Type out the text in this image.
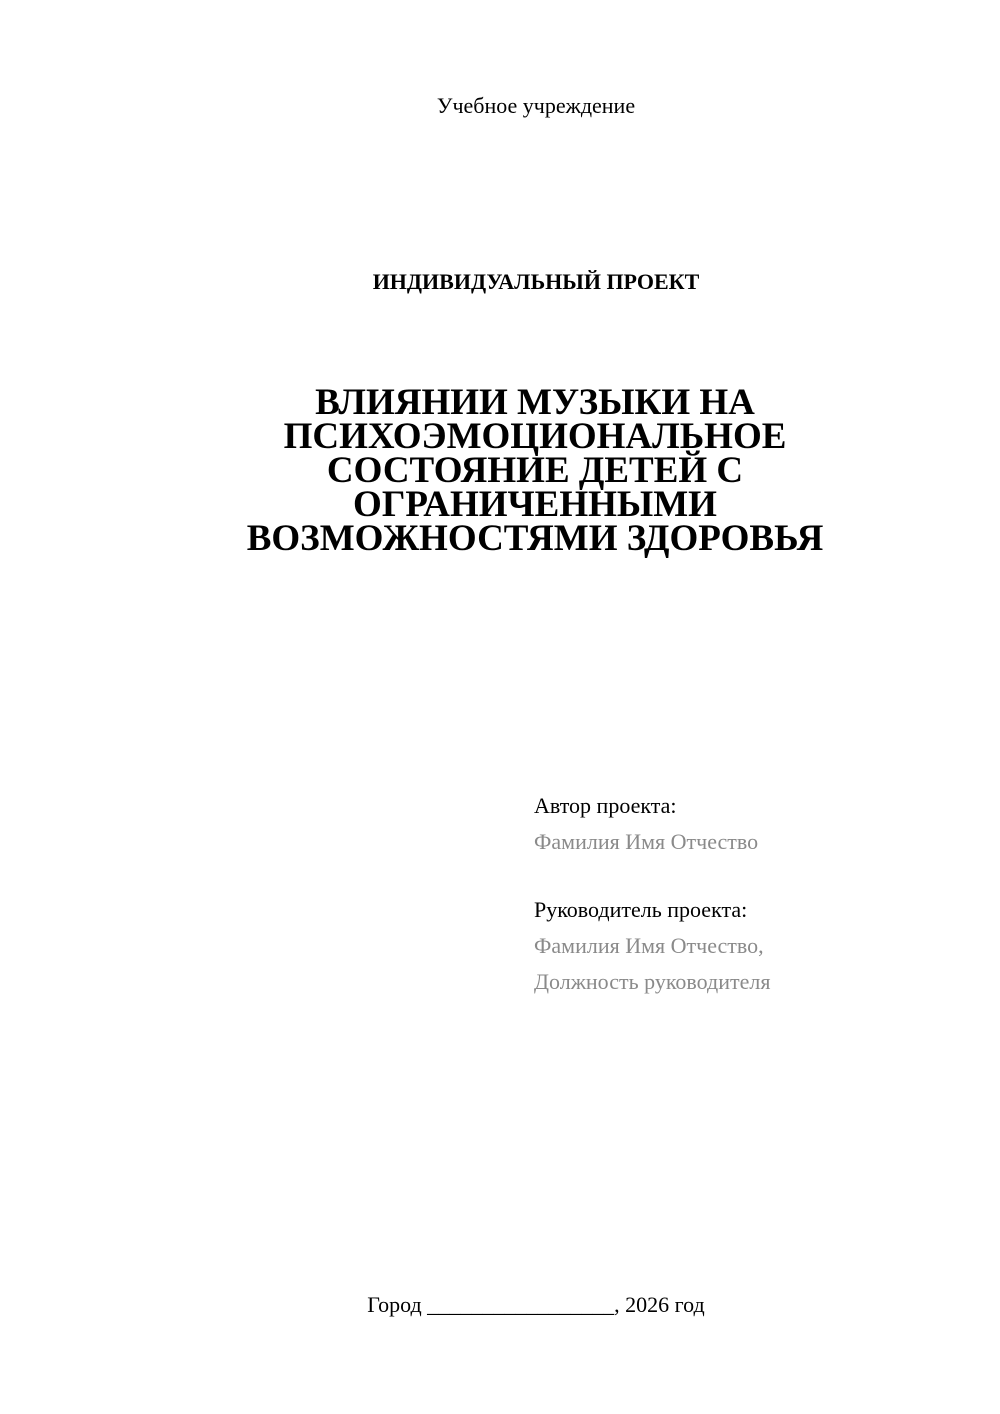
Учебное учреждение
ИНДИВИДУАЛЬНЫЙ ПРОЕКТ
ВЛИЯНИИ МУЗЫКИ НА
ПСИХОЭМОЦИОНАЛЬНОЕ
СОСТОЯНИЕ ДЕТЕЙ С
ОГРАНИЧЕННЫМИ
ВОЗМОЖНОСТЯМИ ЗДОРОВЬЯ
Автор проекта:
Фамилия Имя Отчество
Руководитель проекта:
Фамилия Имя Отчество,
Должность руководителя
Город _________________, 2026 год
